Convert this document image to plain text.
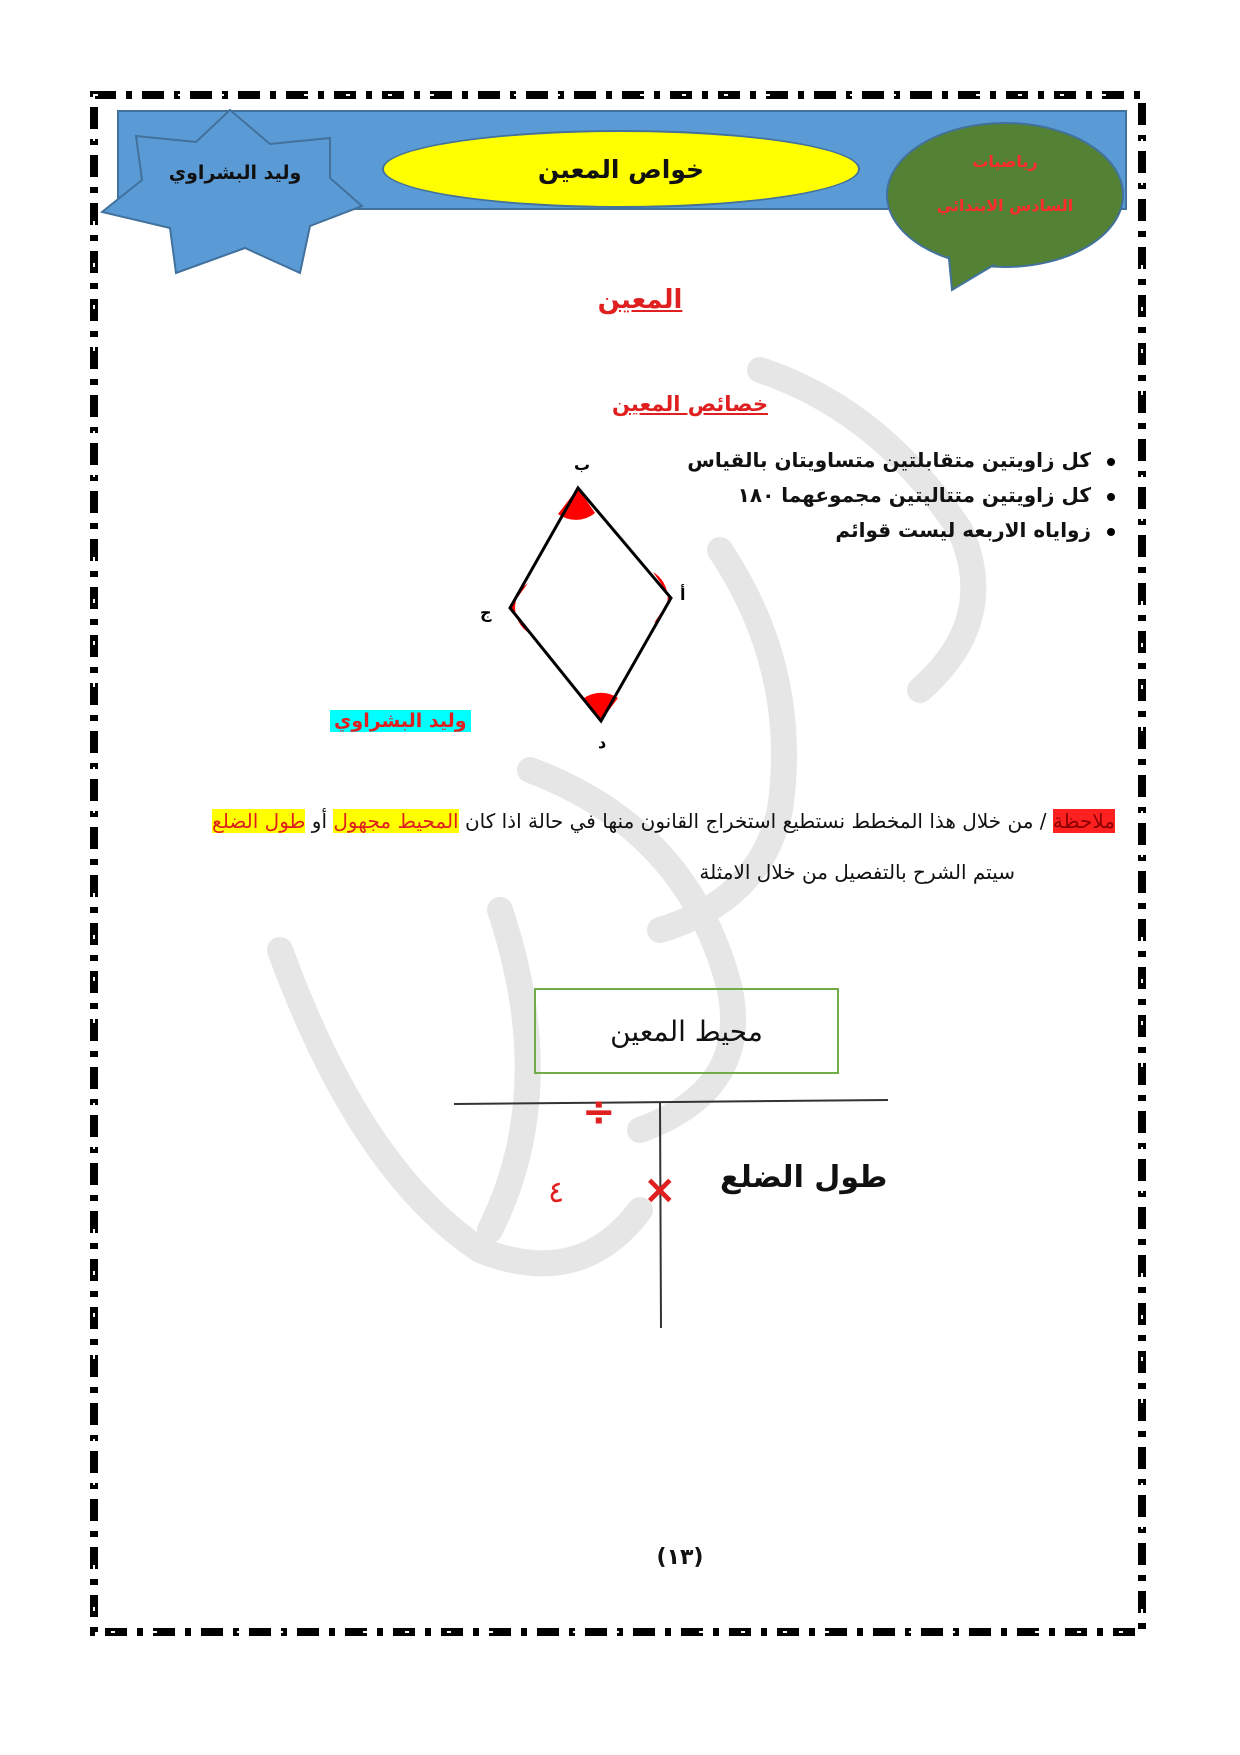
وليد البشراوي	خواص المعين	رياضيات
السادس الابتدائي
المعين
خصائص المعين
كل زاويتين متقابلتين متساويتان بالقياس
كل زاويتين متتاليتين مجموعهما ١٨٠
زواياه الاربعه ليست قوائم
ب
أ
ج
د
وليد البشراوي
ملاحظة / من خلال هذا المخطط نستطيع استخراج القانون منها في حالة اذا كان المحيط مجهول أو طول الضلع
سيتم الشرح بالتفصيل من خلال الامثلة
محيط المعين
÷
× طول الضلع
٤
(١٣)
